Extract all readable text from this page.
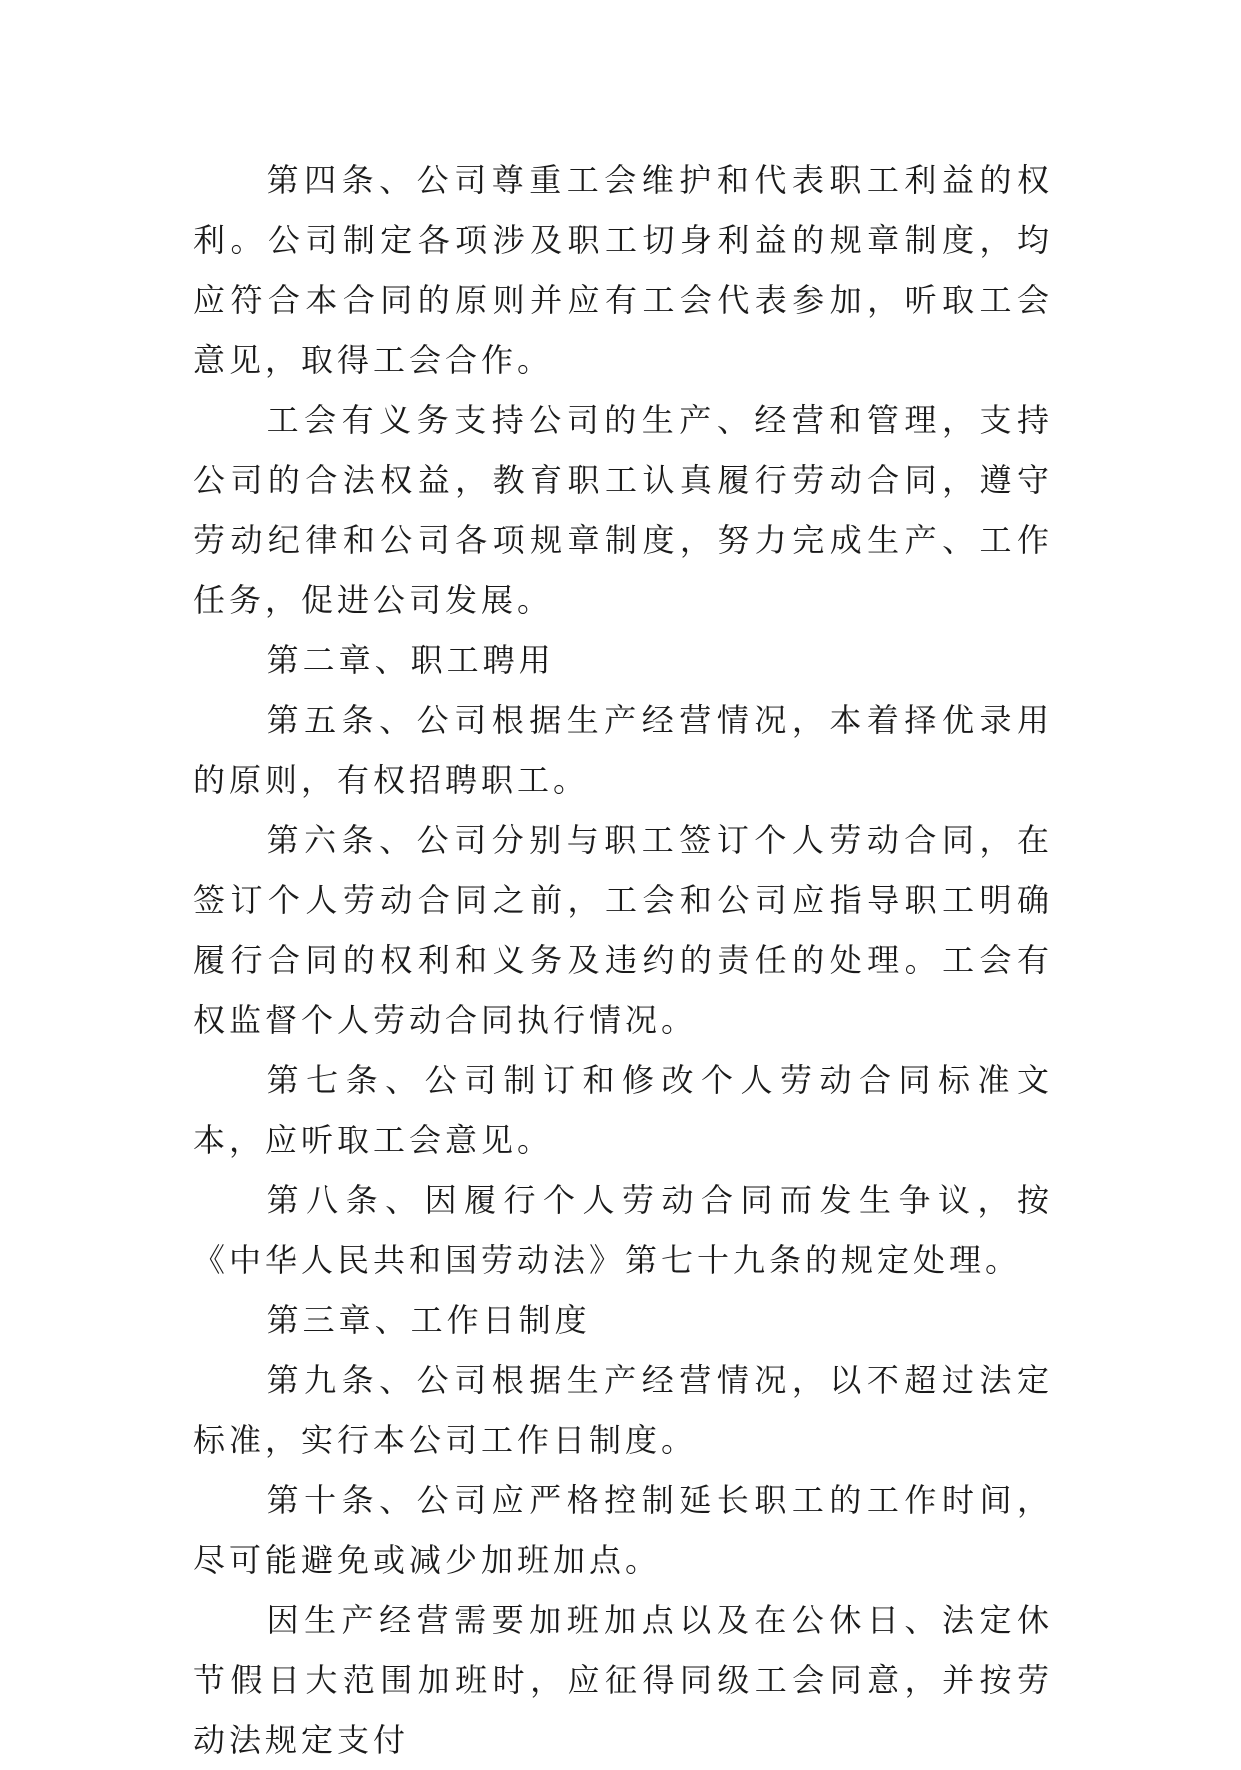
第四条、公司尊重工会维护和代表职工利益的权利。公司制定各项涉及职工切身利益的规章制度，均应符合本合同的原则并应有工会代表参加，听取工会意见，取得工会合作。

工会有义务支持公司的生产、经营和管理，支持公司的合法权益，教育职工认真履行劳动合同，遵守劳动纪律和公司各项规章制度，努力完成生产、工作任务，促进公司发展。

第二章、职工聘用

第五条、公司根据生产经营情况，本着择优录用的原则，有权招聘职工。

第六条、公司分别与职工签订个人劳动合同，在签订个人劳动合同之前，工会和公司应指导职工明确履行合同的权利和义务及违约的责任的处理。工会有权监督个人劳动合同执行情况。

第七条、公司制订和修改个人劳动合同标准文本，应听取工会意见。

第八条、因履行个人劳动合同而发生争议，按《中华人民共和国劳动法》第七十九条的规定处理。

第三章、工作日制度

第九条、公司根据生产经营情况，以不超过法定标准，实行本公司工作日制度。

第十条、公司应严格控制延长职工的工作时间，尽可能避免或减少加班加点。

因生产经营需要加班加点以及在公休日、法定休节假日大范围加班时，应征得同级工会同意，并按劳动法规定支付
